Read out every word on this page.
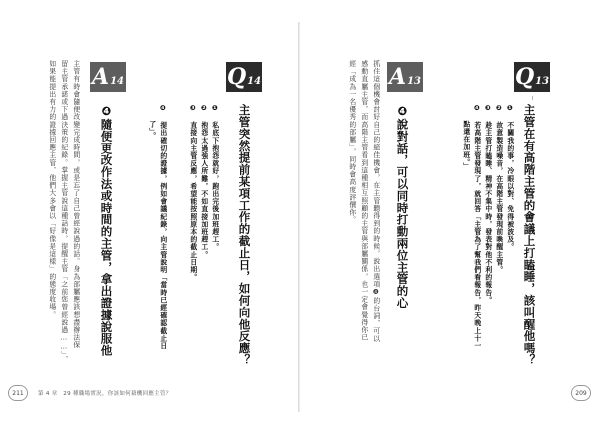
Q 13
主管在有高階主管的會議上打瞌睡，該叫醒他嗎？
❶ 不關我的事，冷眼以對、免得被波及。
❷ 故意製造噪音，在高階主管發現前喚醒主管。
❸ 趁主管打瞌睡、精神不集中時，發表對他不利的報告。
❹ 若高階主管發現了，就回答「主管為了幫我們看報告，昨天晚上十一
　 點還在加班。」
A 13
❹說對話，可以同時打動兩位主管的心
抓住這個機會討好自己的絕佳機會，在主管聽得到的時候，說出選項❹的台詞，可以
感動直屬主管，而高階主管看到這種相互照顧的主管與部屬關係，也一定會覺得你已
經「成為一名優秀的部屬」，同時會高度評價你。
209
Q 14
主管突然提前某項工作的截止日，如何向他反應？
❶ 私底下抱怨就好，跑出完後加班趕工。
❷ 抱怨太過強人所難，不如直接加班趕工。
❸ 直接向主管反應，希望能按照原本的截止日期。
❹ 提出確切的證據，例如會議紀錄，向主管說明「當時已經確認截止日
　 了」。
A 14
❹隨便更改作法或時間的主管，拿出證據說服他
主管有時會隨便改變完成時間，或是忘了自己曾經說過的話。身為部屬應該想盡辦法保
留主管承諾或下過決策的紀錄。掌握主管說這種話時，提醒主管「之前您曾經說過……」，
如果能提出有力的證據回應主管，他們大多會以「好像是這樣」的態度收場。
211	第 4 章　29 種職場實況，你該如何藉機回應主管？
